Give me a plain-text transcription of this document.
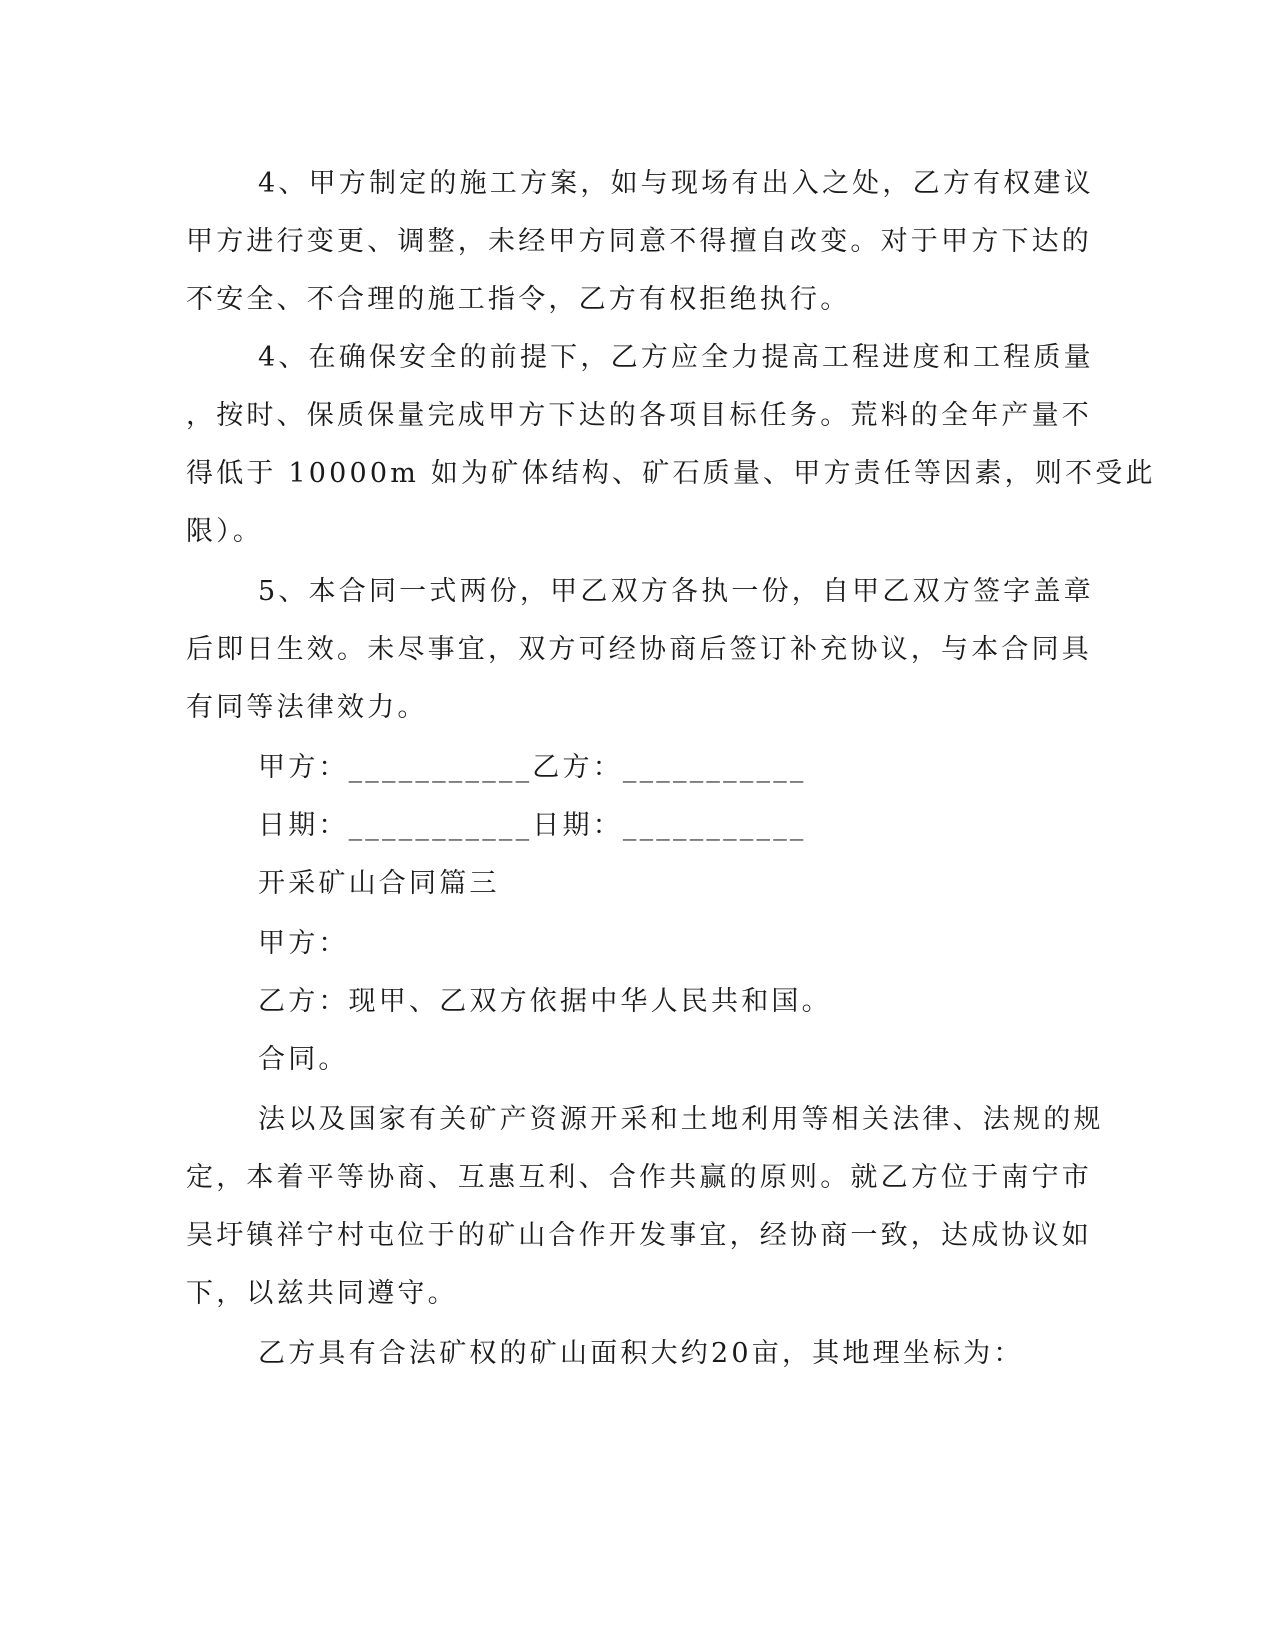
4、甲方制定的施工方案，如与现场有出入之处，乙方有权建议
甲方进行变更、调整，未经甲方同意不得擅自改变。对于甲方下达的
不安全、不合理的施工指令，乙方有权拒绝执行。
4、在确保安全的前提下，乙方应全力提高工程进度和工程质量
，按时、保质保量完成甲方下达的各项目标任务。荒料的全年产量不
得低于 10000m 如为矿体结构、矿石质量、甲方责任等因素，则不受此
限）。
5、本合同一式两份，甲乙双方各执一份，自甲乙双方签字盖章
后即日生效。未尽事宜，双方可经协商后签订补充协议，与本合同具
有同等法律效力。
甲方：___________乙方：___________
日期：___________日期：___________
开采矿山合同篇三
甲方：
乙方：现甲、乙双方依据中华人民共和国。
合同。
法以及国家有关矿产资源开采和土地利用等相关法律、法规的规
定，本着平等协商、互惠互利、合作共赢的原则。就乙方位于南宁市
吴圩镇祥宁村屯位于的矿山合作开发事宜，经协商一致，达成协议如
下，以兹共同遵守。
乙方具有合法矿权的矿山面积大约20亩，其地理坐标为：
